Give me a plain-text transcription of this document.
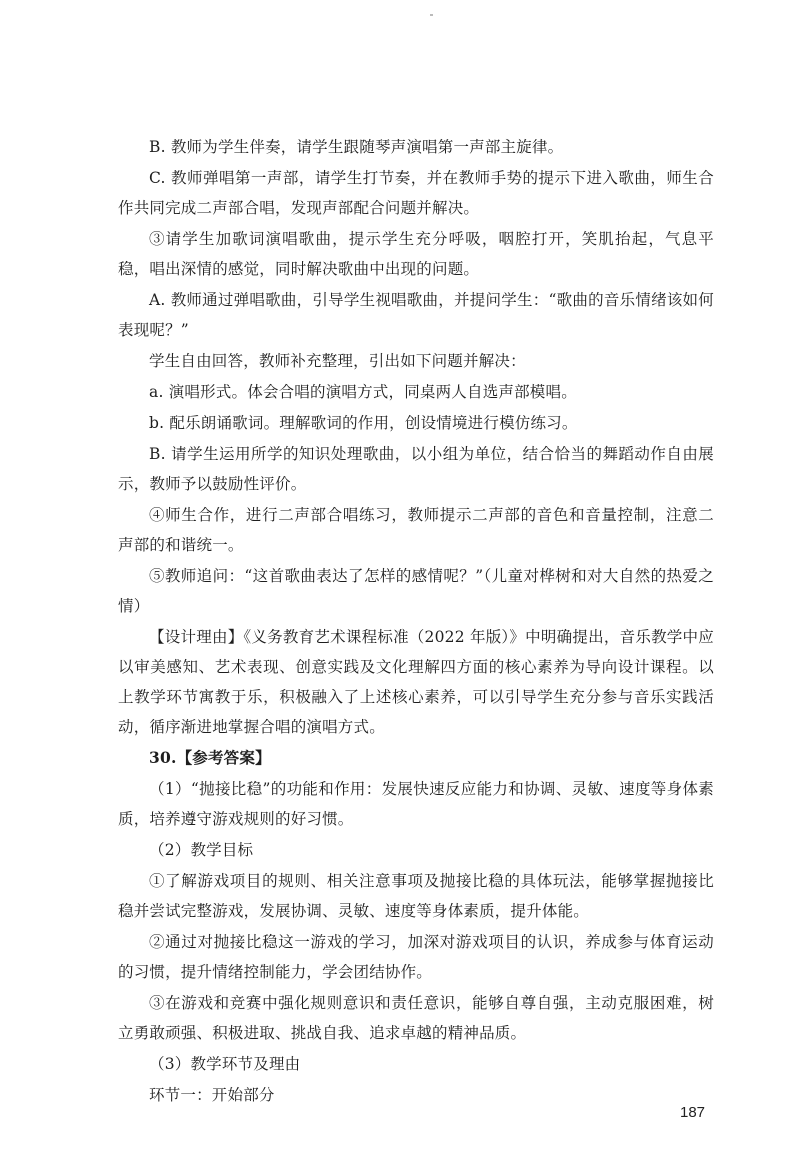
B. 教师为学生伴奏，请学生跟随琴声演唱第一声部主旋律。

C. 教师弹唱第一声部，请学生打节奏，并在教师手势的提示下进入歌曲，师生合作共同完成二声部合唱，发现声部配合问题并解决。

③请学生加歌词演唱歌曲，提示学生充分呼吸，咽腔打开，笑肌抬起，气息平稳，唱出深情的感觉，同时解决歌曲中出现的问题。

A. 教师通过弹唱歌曲，引导学生视唱歌曲，并提问学生：“歌曲的音乐情绪该如何表现呢？”

学生自由回答，教师补充整理，引出如下问题并解决：

a. 演唱形式。体会合唱的演唱方式，同桌两人自选声部模唱。

b. 配乐朗诵歌词。理解歌词的作用，创设情境进行模仿练习。

B. 请学生运用所学的知识处理歌曲，以小组为单位，结合恰当的舞蹈动作自由展示，教师予以鼓励性评价。

④师生合作，进行二声部合唱练习，教师提示二声部的音色和音量控制，注意二声部的和谐统一。

⑤教师追问：“这首歌曲表达了怎样的感情呢？”（儿童对桦树和对大自然的热爱之情）

【设计理由】《义务教育艺术课程标准（2022 年版）》中明确提出，音乐教学中应以审美感知、艺术表现、创意实践及文化理解四方面的核心素养为导向设计课程。以上教学环节寓教于乐，积极融入了上述核心素养，可以引导学生充分参与音乐实践活动，循序渐进地掌握合唱的演唱方式。

30.【参考答案】

（1）“抛接比稳”的功能和作用：发展快速反应能力和协调、灵敏、速度等身体素质，培养遵守游戏规则的好习惯。

（2）教学目标

①了解游戏项目的规则、相关注意事项及抛接比稳的具体玩法，能够掌握抛接比稳并尝试完整游戏，发展协调、灵敏、速度等身体素质，提升体能。

②通过对抛接比稳这一游戏的学习，加深对游戏项目的认识，养成参与体育运动的习惯，提升情绪控制能力，学会团结协作。

③在游戏和竞赛中强化规则意识和责任意识，能够自尊自强，主动克服困难，树立勇敢顽强、积极进取、挑战自我、追求卓越的精神品质。

（3）教学环节及理由

环节一：开始部分

187
